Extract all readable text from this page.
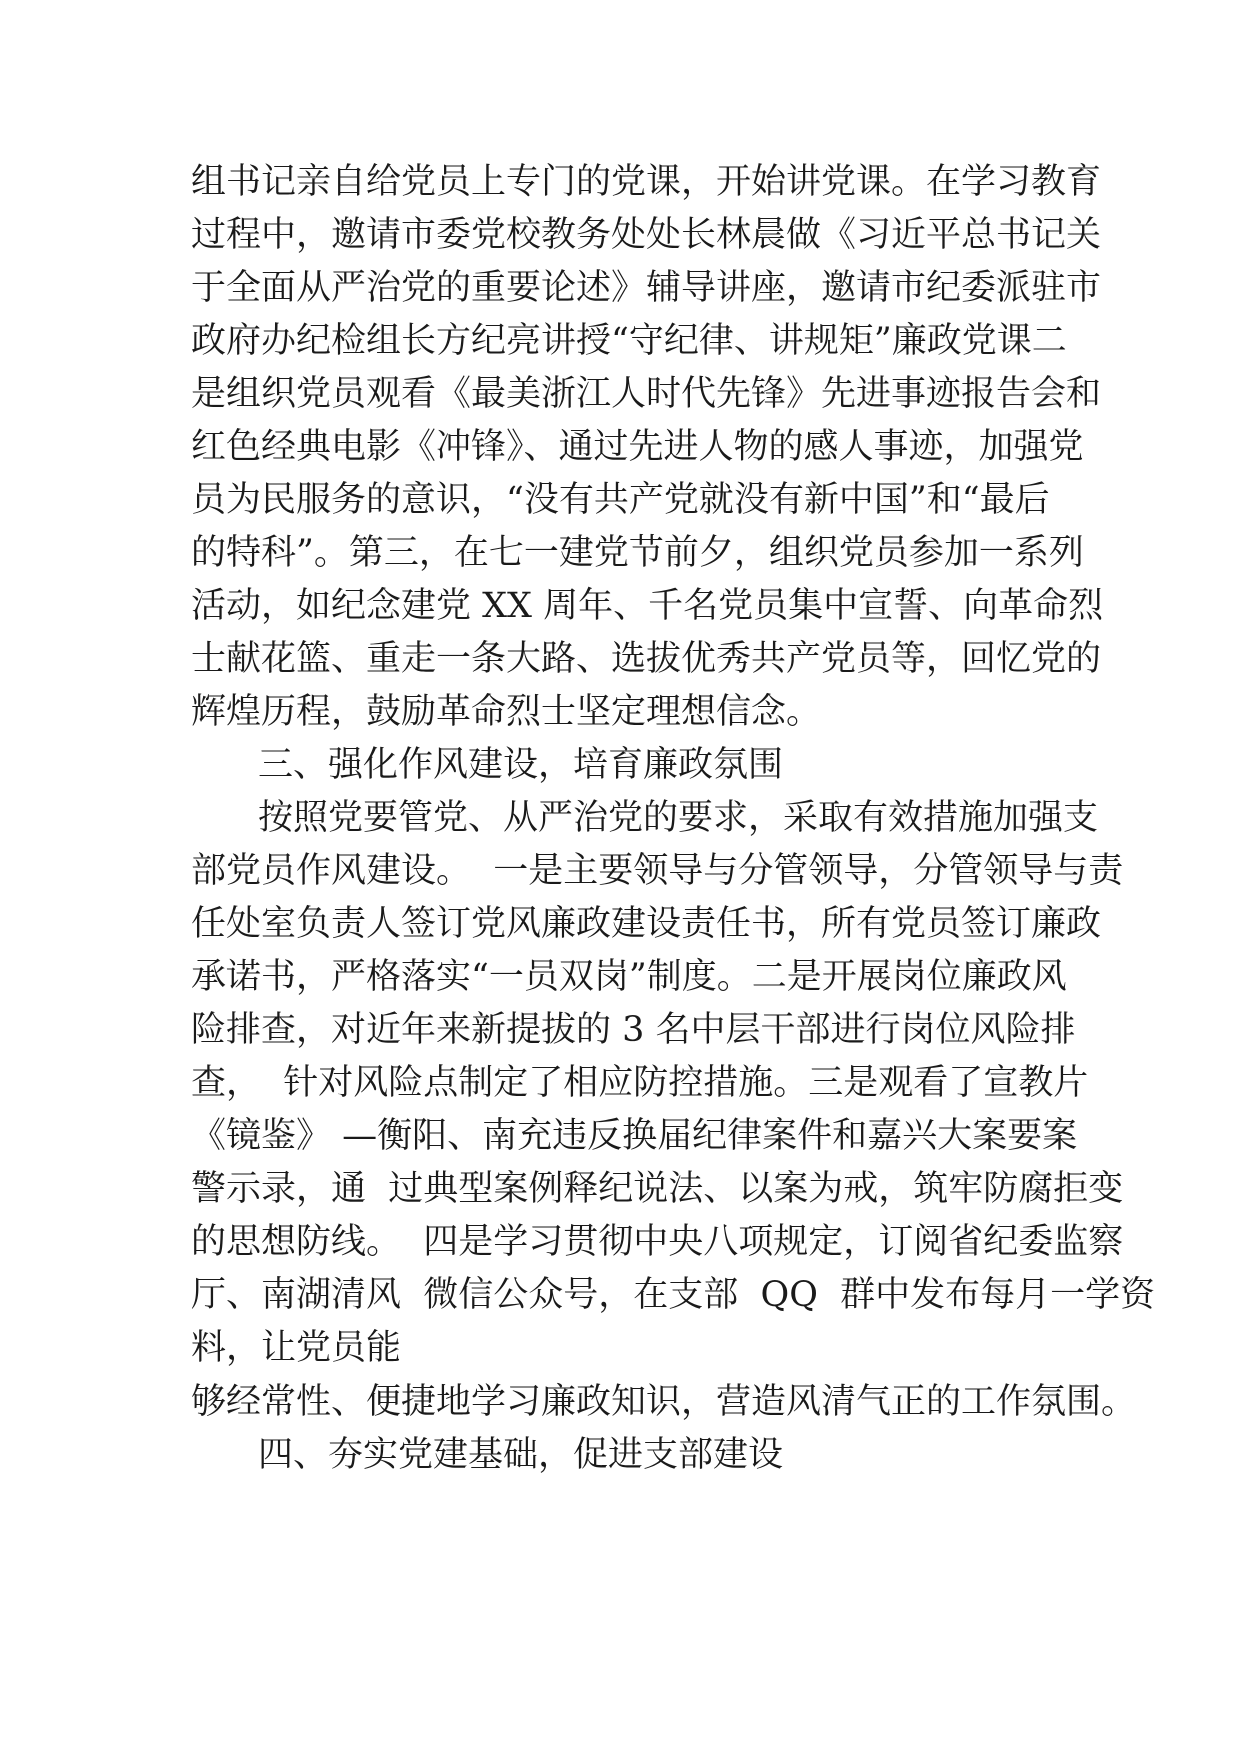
组书记亲自给党员上专门的党课，开始讲党课。在学习教育
过程中，邀请市委党校教务处处长林晨做《习近平总书记关
于全面从严治党的重要论述》辅导讲座，邀请市纪委派驻市
政府办纪检组长方纪亮讲授“守纪律、讲规矩”廉政党课二
是组织党员观看《最美浙江人时代先锋》先进事迹报告会和
红色经典电影《冲锋》、通过先进人物的感人事迹，加强党
员为民服务的意识，“没有共产党就没有新中国”和“最后
的特科”。第三，在七一建党节前夕，组织党员参加一系列
活动，如纪念建党 XX 周年、千名党员集中宣誓、向革命烈
士献花篮、重走一条大路、选拔优秀共产党员等，回忆党的
辉煌历程，鼓励革命烈士坚定理想信念。
三、强化作风建设，培育廉政氛围
按照党要管党、从严治党的要求，采取有效措施加强支
部党员作风建设。  一是主要领导与分管领导，分管领导与责
任处室负责人签订党风廉政建设责任书，所有党员签订廉政
承诺书，严格落实“一员双岗”制度。二是开展岗位廉政风
险排查，对近年来新提拔的 3 名中层干部进行岗位风险排
查，  针对风险点制定了相应防控措施。三是观看了宣教片
《镜鉴》 —衡阳、南充违反换届纪律案件和嘉兴大案要案
警示录，通  过典型案例释纪说法、以案为戒，筑牢防腐拒变
的思想防线。  四是学习贯彻中央八项规定，订阅省纪委监察
厅、南湖清风  微信公众号，在支部  QQ  群中发布每月一学资
料，让党员能
够经常性、便捷地学习廉政知识，营造风清气正的工作氛围。
四、夯实党建基础，促进支部建设
